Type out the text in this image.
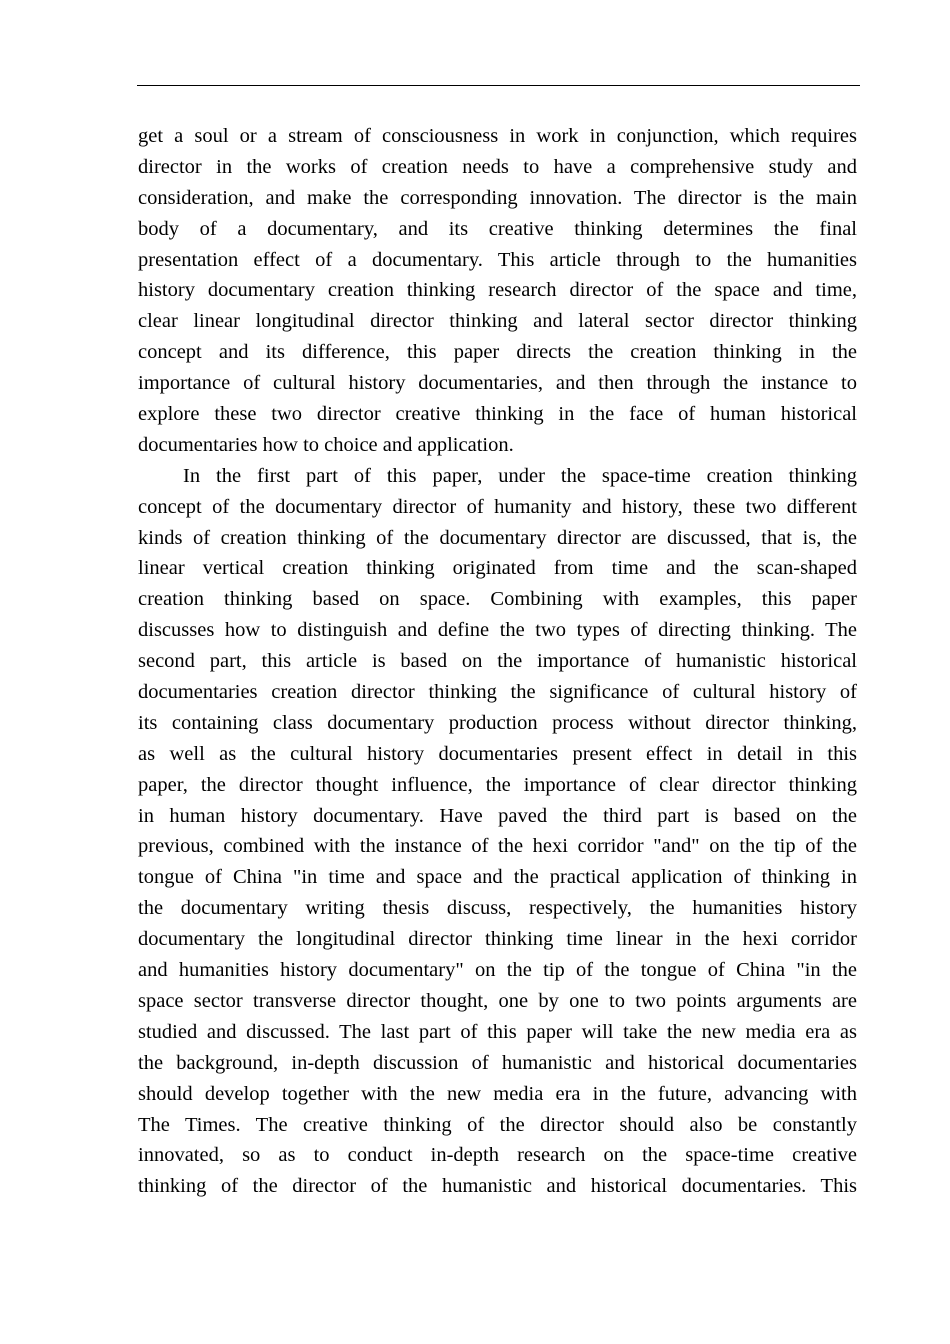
get a soul or a stream of consciousness in work in conjunction, which requires
director in the works of creation needs to have a comprehensive study and
consideration, and make the corresponding innovation. The director is the main
body of a documentary, and its creative thinking determines the final
presentation effect of a documentary. This article through to the humanities
history documentary creation thinking research director of the space and time,
clear linear longitudinal director thinking and lateral sector director thinking
concept and its difference, this paper directs the creation thinking in the
importance of cultural history documentaries, and then through the instance to
explore these two director creative thinking in the face of human historical
documentaries how to choice and application.
In the first part of this paper, under the space-time creation thinking
concept of the documentary director of humanity and history, these two different
kinds of creation thinking of the documentary director are discussed, that is, the
linear vertical creation thinking originated from time and the scan-shaped
creation thinking based on space. Combining with examples, this paper
discusses how to distinguish and define the two types of directing thinking. The
second part, this article is based on the importance of humanistic historical
documentaries creation director thinking the significance of cultural history of
its containing class documentary production process without director thinking,
as well as the cultural history documentaries present effect in detail in this
paper, the director thought influence, the importance of clear director thinking
in human history documentary. Have paved the third part is based on the
previous, combined with the instance of the hexi corridor "and" on the tip of the
tongue of China "in time and space and the practical application of thinking in
the documentary writing thesis discuss, respectively, the humanities history
documentary the longitudinal director thinking time linear in the hexi corridor
and humanities history documentary" on the tip of the tongue of China "in the
space sector transverse director thought, one by one to two points arguments are
studied and discussed. The last part of this paper will take the new media era as
the background, in-depth discussion of humanistic and historical documentaries
should develop together with the new media era in the future, advancing with
The Times. The creative thinking of the director should also be constantly
innovated, so as to conduct in-depth research on the space-time creative
thinking of the director of the humanistic and historical documentaries. This
